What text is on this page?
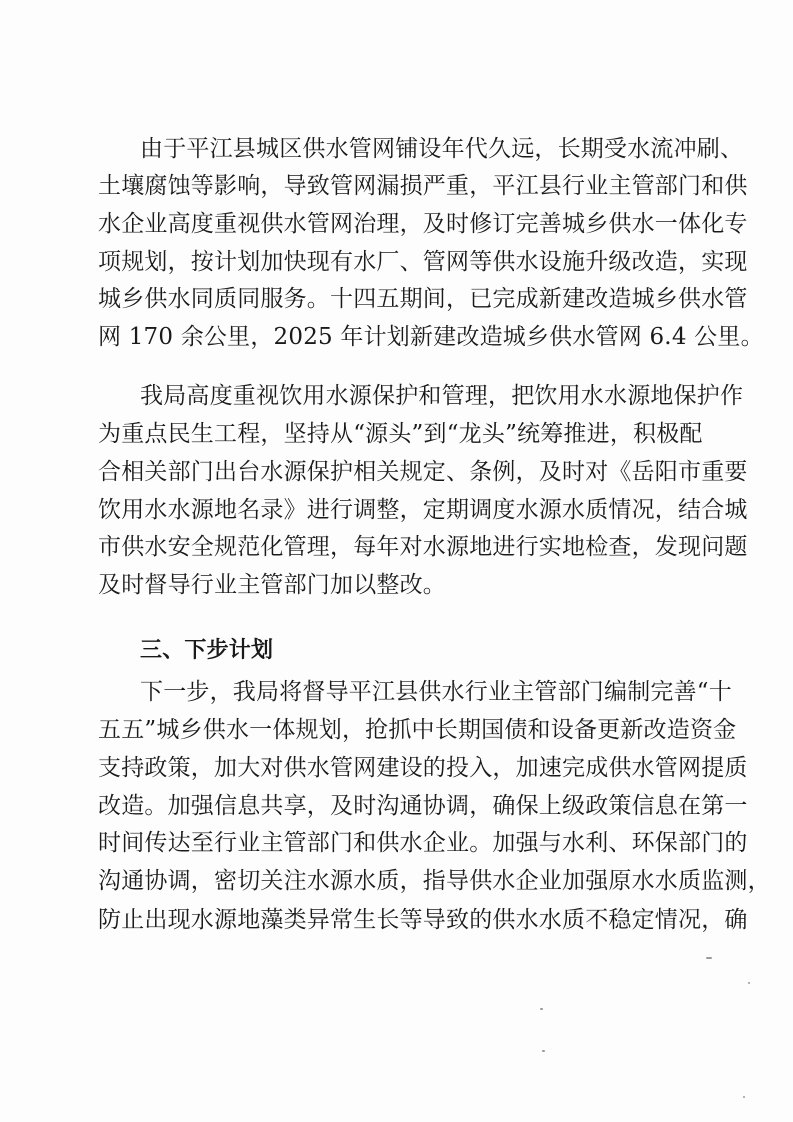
由于平江县城区供水管网铺设年代久远，长期受水流冲刷、
土壤腐蚀等影响，导致管网漏损严重，平江县行业主管部门和供
水企业高度重视供水管网治理，及时修订完善城乡供水一体化专
项规划，按计划加快现有水厂、管网等供水设施升级改造，实现
城乡供水同质同服务。十四五期间，已完成新建改造城乡供水管
网 170 余公里，2025 年计划新建改造城乡供水管网 6.4 公里。
我局高度重视饮用水源保护和管理，把饮用水水源地保护作
为重点民生工程，坚持从“源头”到“龙头”统筹推进，积极配
合相关部门出台水源保护相关规定、条例，及时对《岳阳市重要
饮用水水源地名录》进行调整，定期调度水源水质情况，结合城
市供水安全规范化管理，每年对水源地进行实地检查，发现问题
及时督导行业主管部门加以整改。
三、下步计划
下一步，我局将督导平江县供水行业主管部门编制完善“十
五五”城乡供水一体规划，抢抓中长期国债和设备更新改造资金
支持政策，加大对供水管网建设的投入，加速完成供水管网提质
改造。加强信息共享，及时沟通协调，确保上级政策信息在第一
时间传达至行业主管部门和供水企业。加强与水利、环保部门的
沟通协调，密切关注水源水质，指导供水企业加强原水水质监测，
防止出现水源地藻类异常生长等导致的供水水质不稳定情况，确
